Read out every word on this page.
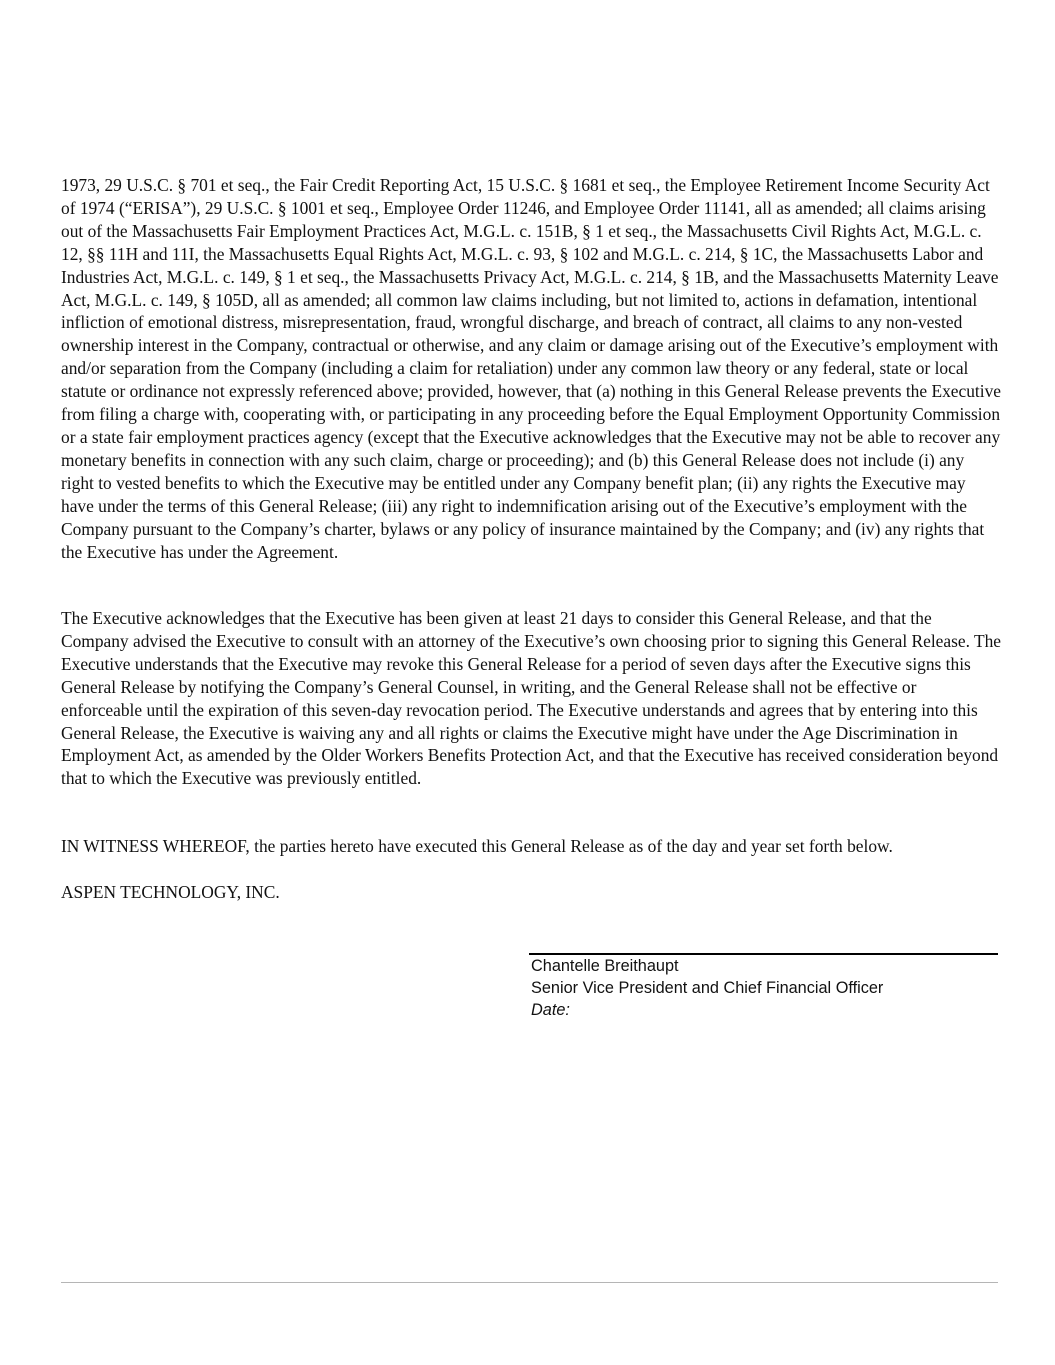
1973, 29 U.S.C. § 701 et seq., the Fair Credit Reporting Act, 15 U.S.C. § 1681 et seq., the Employee Retirement Income Security Act of 1974 (“ERISA”), 29 U.S.C. § 1001 et seq., Employee Order 11246, and Employee Order 11141, all as amended; all claims arising out of the Massachusetts Fair Employment Practices Act, M.G.L. c. 151B, § 1 et seq., the Massachusetts Civil Rights Act, M.G.L. c. 12, §§ 11H and 11I, the Massachusetts Equal Rights Act, M.G.L. c. 93, § 102 and M.G.L. c. 214, § 1C, the Massachusetts Labor and Industries Act, M.G.L. c. 149, § 1 et seq., the Massachusetts Privacy Act, M.G.L. c. 214, § 1B, and the Massachusetts Maternity Leave Act, M.G.L. c. 149, § 105D, all as amended; all common law claims including, but not limited to, actions in defamation, intentional infliction of emotional distress, misrepresentation, fraud, wrongful discharge, and breach of contract, all claims to any non-vested ownership interest in the Company, contractual or otherwise, and any claim or damage arising out of the Executive’s employment with and/or separation from the Company (including a claim for retaliation) under any common law theory or any federal, state or local statute or ordinance not expressly referenced above; provided, however, that (a) nothing in this General Release prevents the Executive from filing a charge with, cooperating with, or participating in any proceeding before the Equal Employment Opportunity Commission or a state fair employment practices agency (except that the Executive acknowledges that the Executive may not be able to recover any monetary benefits in connection with any such claim, charge or proceeding); and (b) this General Release does not include (i) any right to vested benefits to which the Executive may be entitled under any Company benefit plan; (ii) any rights the Executive may have under the terms of this General Release; (iii) any right to indemnification arising out of the Executive’s employment with the Company pursuant to the Company’s charter, bylaws or any policy of insurance maintained by the Company; and (iv) any rights that the Executive has under the Agreement.

The Executive acknowledges that the Executive has been given at least 21 days to consider this General Release, and that the Company advised the Executive to consult with an attorney of the Executive’s own choosing prior to signing this General Release. The Executive understands that the Executive may revoke this General Release for a period of seven days after the Executive signs this General Release by notifying the Company’s General Counsel, in writing, and the General Release shall not be effective or enforceable until the expiration of this seven-day revocation period. The Executive understands and agrees that by entering into this General Release, the Executive is waiving any and all rights or claims the Executive might have under the Age Discrimination in Employment Act, as amended by the Older Workers Benefits Protection Act, and that the Executive has received consideration beyond that to which the Executive was previously entitled.

IN WITNESS WHEREOF, the parties hereto have executed this General Release as of the day and year set forth below.

ASPEN TECHNOLOGY, INC.

Chantelle Breithaupt
Senior Vice President and Chief Financial Officer
Date:
